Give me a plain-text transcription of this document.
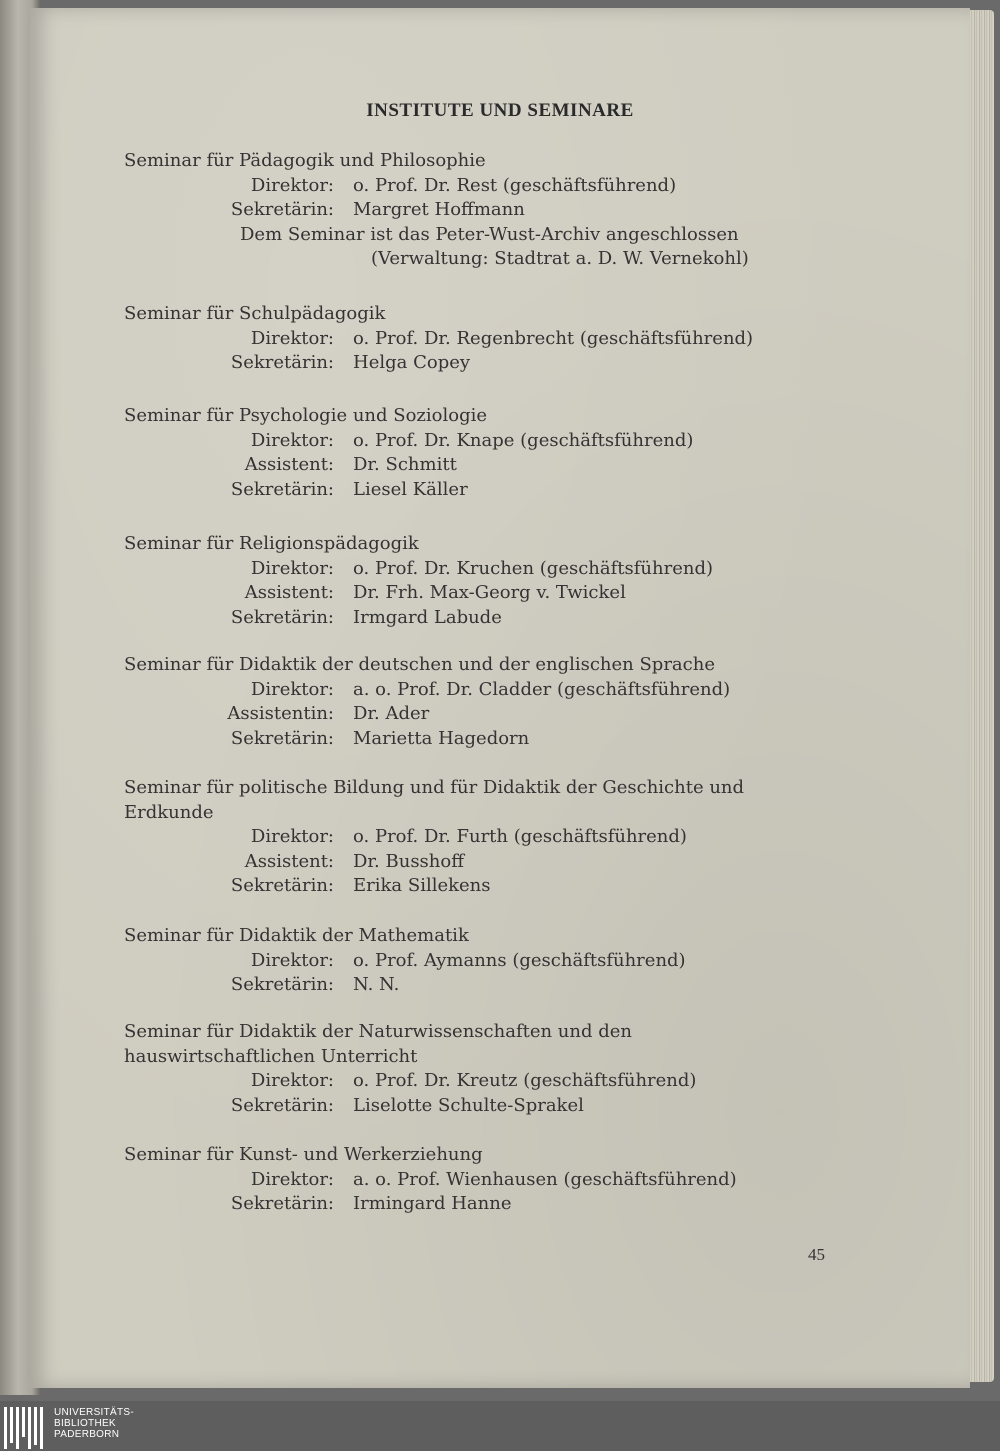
INSTITUTE UND SEMINARE
Seminar für Pädagogik und Philosophie
Direktor:	o. Prof. Dr. Rest (geschäftsführend)
Sekretärin:	Margret Hoffmann
Dem Seminar ist das Peter-Wust-Archiv angeschlossen
(Verwaltung: Stadtrat a. D. W. Vernekohl)
Seminar für Schulpädagogik
Direktor:	o. Prof. Dr. Regenbrecht (geschäftsführend)
Sekretärin:	Helga Copey
Seminar für Psychologie und Soziologie
Direktor:	o. Prof. Dr. Knape (geschäftsführend)
Assistent:	Dr. Schmitt
Sekretärin:	Liesel Käller
Seminar für Religionspädagogik
Direktor:	o. Prof. Dr. Kruchen (geschäftsführend)
Assistent:	Dr. Frh. Max-Georg v. Twickel
Sekretärin:	Irmgard Labude
Seminar für Didaktik der deutschen und der englischen Sprache
Direktor:	a. o. Prof. Dr. Cladder (geschäftsführend)
Assistentin:	Dr. Ader
Sekretärin:	Marietta Hagedorn
Seminar für politische Bildung und für Didaktik der Geschichte und Erdkunde
Direktor:	o. Prof. Dr. Furth (geschäftsführend)
Assistent:	Dr. Busshoff
Sekretärin:	Erika Sillekens
Seminar für Didaktik der Mathematik
Direktor:	o. Prof. Aymanns (geschäftsführend)
Sekretärin:	N. N.
Seminar für Didaktik der Naturwissenschaften und den hauswirtschaftlichen Unterricht
Direktor:	o. Prof. Dr. Kreutz (geschäftsführend)
Sekretärin:	Liselotte Schulte-Sprakel
Seminar für Kunst- und Werkerziehung
Direktor:	a. o. Prof. Wienhausen (geschäftsführend)
Sekretärin:	Irmingard Hanne
45
UNIVERSITÄTS-
BIBLIOTHEK
PADERBORN
